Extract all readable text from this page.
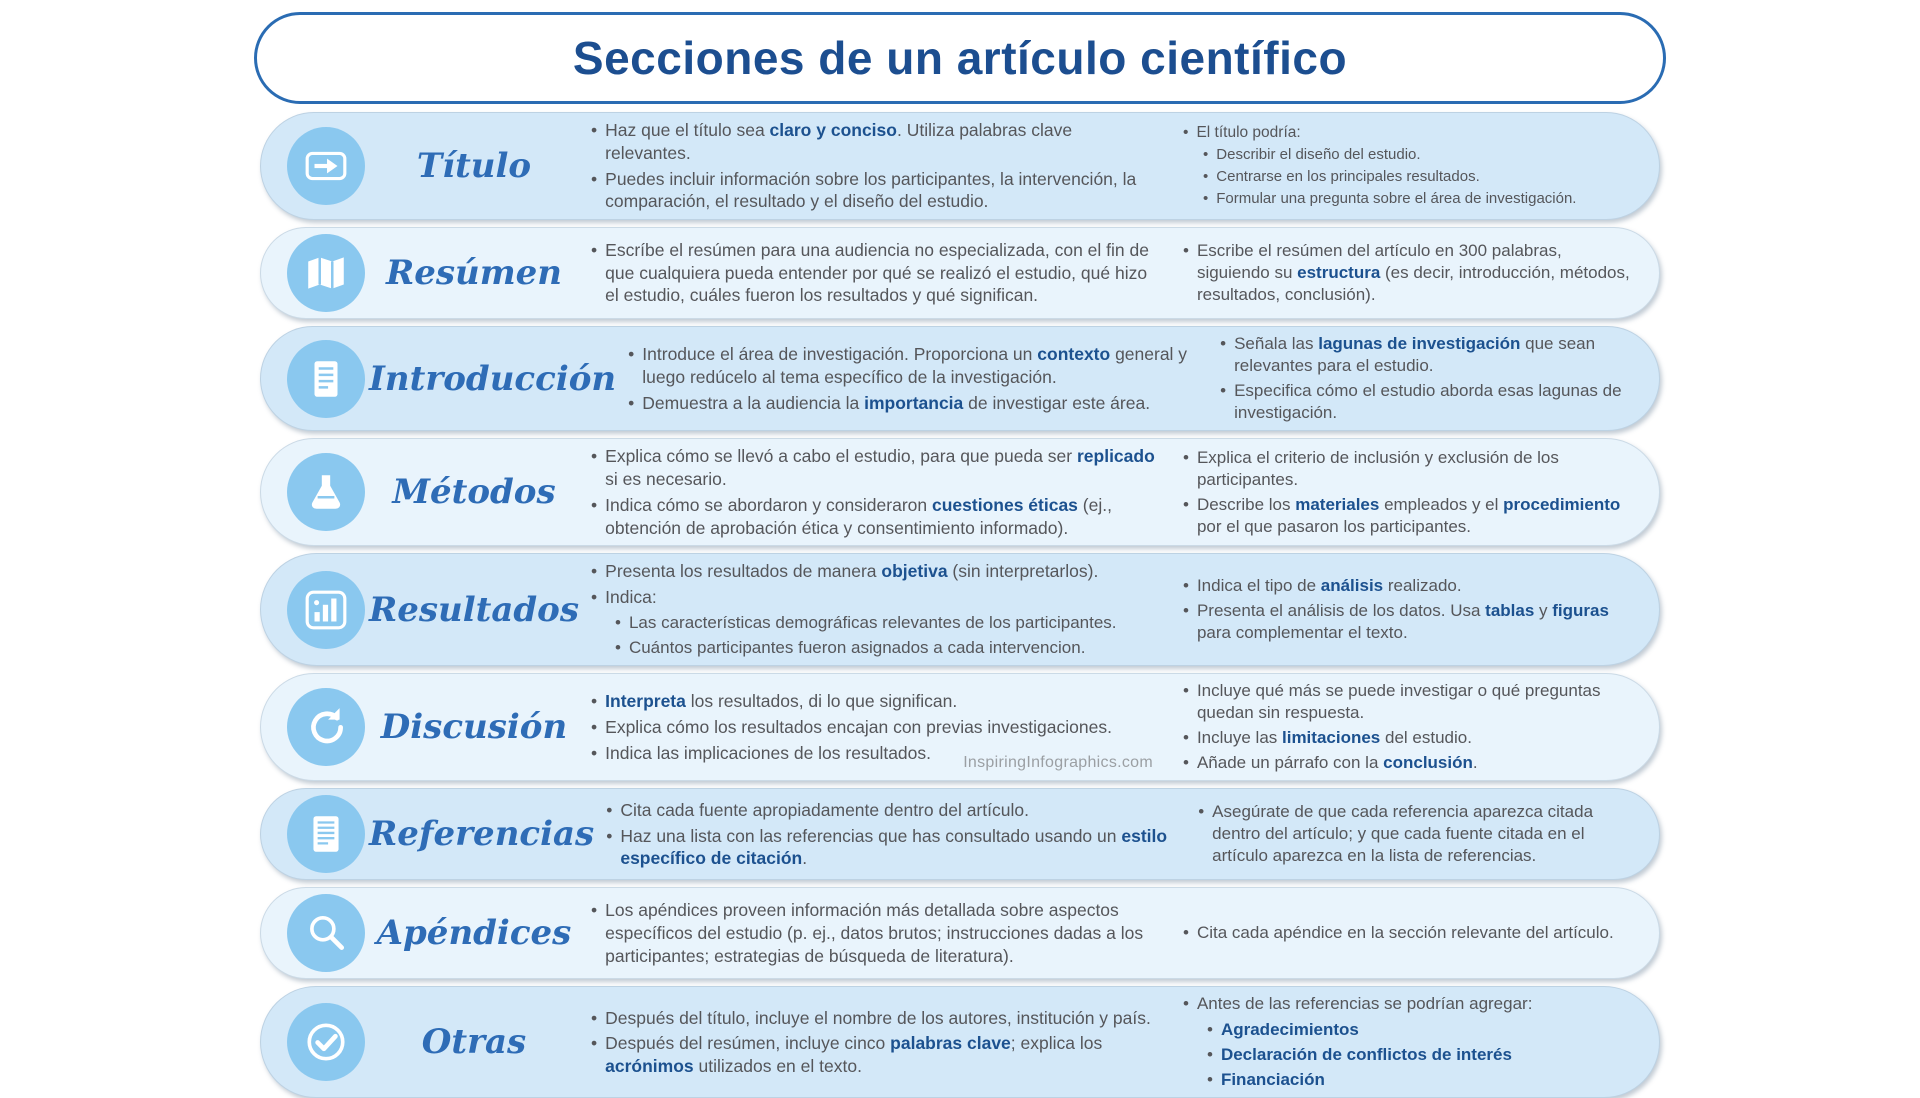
Secciones de un artículo científico
Título
• Haz que el título sea claro y conciso. Utiliza palabras clave relevantes.
• Puedes incluir información sobre los participantes, la intervención, la comparación, el resultado y el diseño del estudio.
• El título podría:
• Describir el diseño del estudio.
• Centrarse en los principales resultados.
• Formular una pregunta sobre el área de investigación.
Resúmen
• Escríbe el resúmen para una audiencia no especializada, con el fin de que cualquiera pueda entender por qué se realizó el estudio, qué hizo el estudio, cuáles fueron los resultados y qué significan.
• Escribe el resúmen del artículo en 300 palabras, siguiendo su estructura (es decir, introducción, métodos, resultados, conclusión).
Introducción
• Introduce el área de investigación. Proporciona un contexto general y luego redúcelo al tema específico de la investigación.
• Demuestra a la audiencia la importancia de investigar este área.
• Señala las lagunas de investigación que sean relevantes para el estudio.
• Especifica cómo el estudio aborda esas lagunas de investigación.
Métodos
• Explica cómo se llevó a cabo el estudio, para que pueda ser replicado si es necesario.
• Indica cómo se abordaron y consideraron cuestiones éticas (ej., obtención de aprobación ética y consentimiento informado).
• Explica el criterio de inclusión y exclusión de los participantes.
• Describe los materiales empleados y el procedimiento por el que pasaron los participantes.
Resultados
• Presenta los resultados de manera objetiva (sin interpretarlos).
• Indica:
• Las características demográficas relevantes de los participantes.
• Cuántos participantes fueron asignados a cada intervencion.
• Indica el tipo de análisis realizado.
• Presenta el análisis de los datos. Usa tablas y figuras para complementar el texto.
Discusión
• Interpreta los resultados, di lo que significan.
• Explica cómo los resultados encajan con previas investigaciones.
• Indica las implicaciones de los resultados.
InspiringInfographics.com
• Incluye qué más se puede investigar o qué preguntas quedan sin respuesta.
• Incluye las limitaciones del estudio.
• Añade un párrafo con la conclusión.
Referencias
• Cita cada fuente apropiadamente dentro del artículo.
• Haz una lista con las referencias que has consultado usando un estilo específico de citación.
• Asegúrate de que cada referencia aparezca citada dentro del artículo; y que cada fuente citada en el artículo aparezca en la lista de referencias.
Apéndices
• Los apéndices proveen información más detallada sobre aspectos específicos del estudio (p. ej., datos brutos; instrucciones dadas a los participantes; estrategias de búsqueda de literatura).
• Cita cada apéndice en la sección relevante del artículo.
Otras
• Después del título, incluye el nombre de los autores, institución y país.
• Después del resúmen, incluye cinco palabras clave; explica los acrónimos utilizados en el texto.
• Antes de las referencias se podrían agregar:
• Agradecimientos
• Declaración de conflictos de interés
• Financiación
